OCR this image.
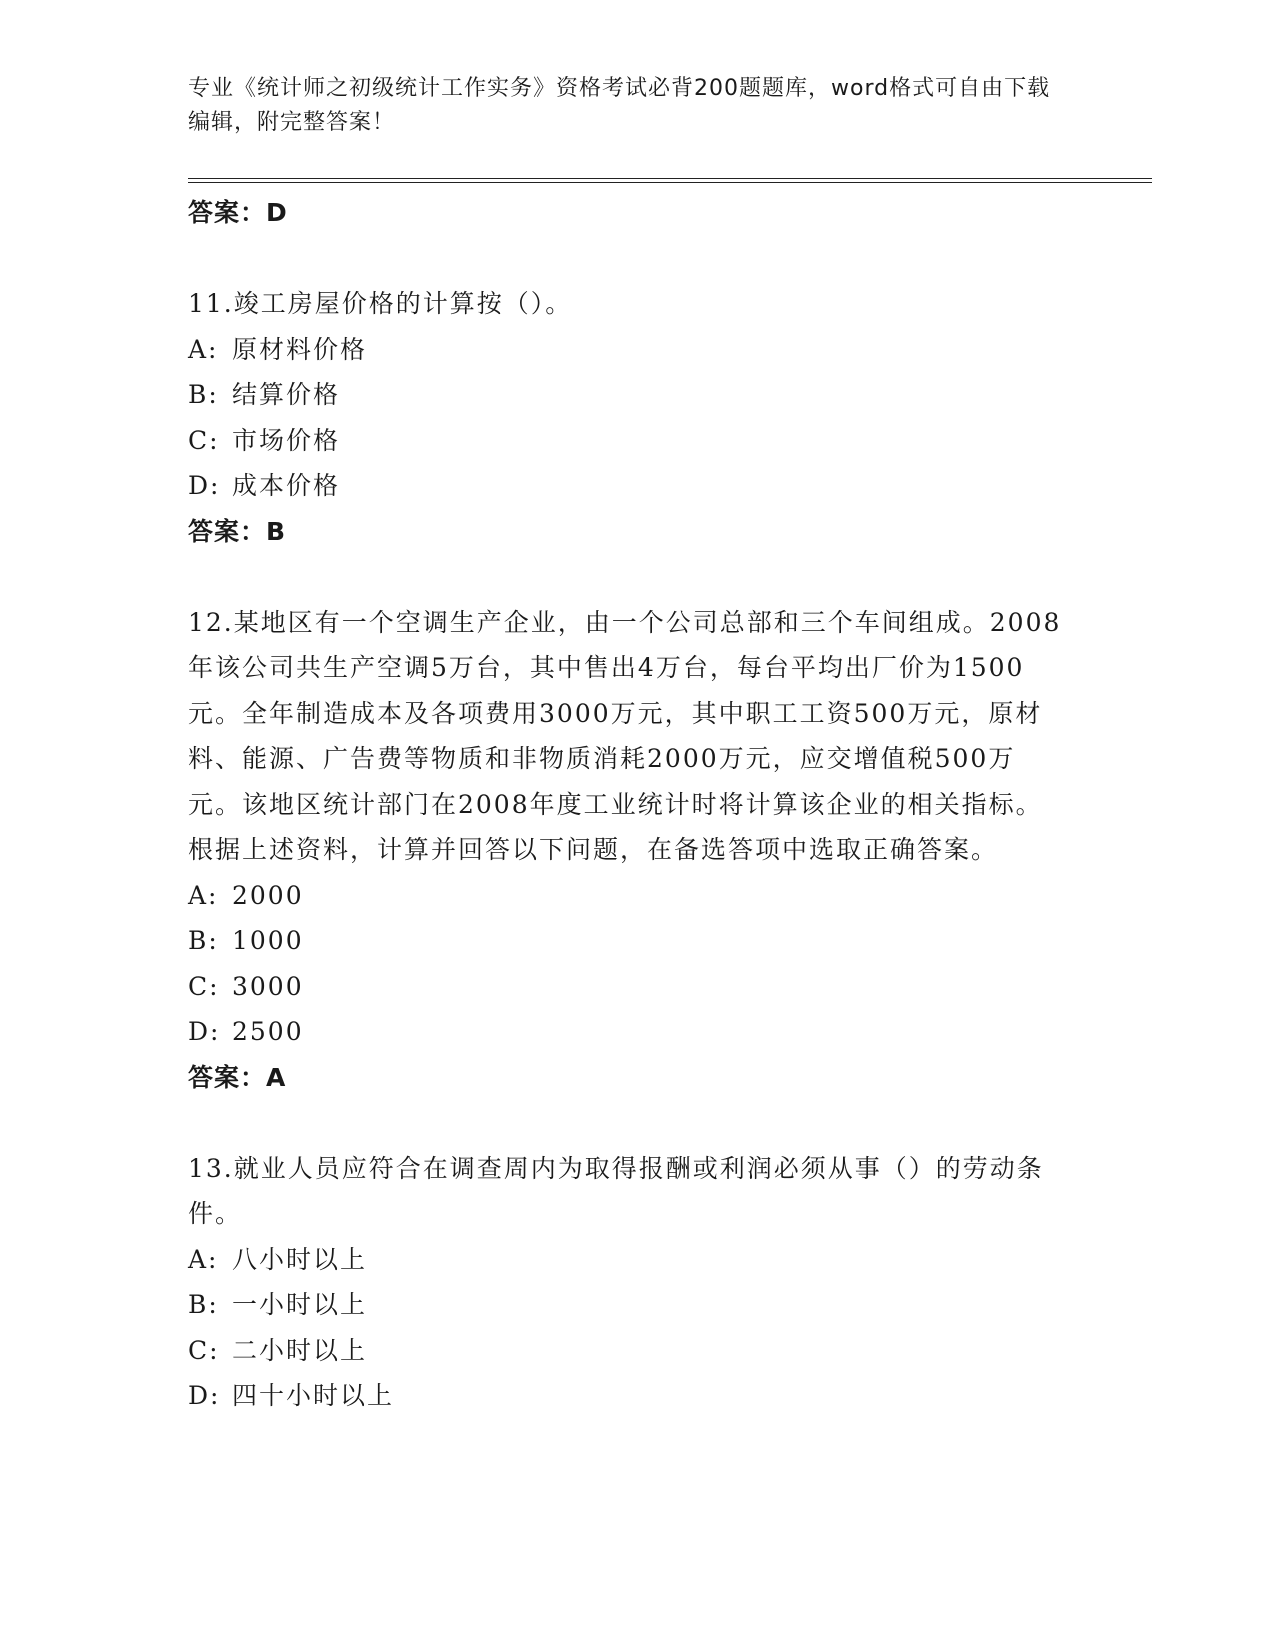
专业《统计师之初级统计工作实务》资格考试必背200题题库，word格式可自由下载编辑，附完整答案！
答案：D
11.竣工房屋价格的计算按（）。
A: 原材料价格
B: 结算价格
C: 市场价格
D: 成本价格
答案：B
12.某地区有一个空调生产企业，由一个公司总部和三个车间组成。2008年该公司共生产空调5万台，其中售出4万台，每台平均出厂价为1500元。全年制造成本及各项费用3000万元，其中职工工资500万元，原材料、能源、广告费等物质和非物质消耗2000万元，应交增值税500万元。该地区统计部门在2008年度工业统计时将计算该企业的相关指标。根据上述资料，计算并回答以下问题，在备选答项中选取正确答案。
A: 2000
B: 1000
C: 3000
D: 2500
答案：A
13.就业人员应符合在调查周内为取得报酬或利润必须从事（）的劳动条件。
A: 八小时以上
B: 一小时以上
C: 二小时以上
D: 四十小时以上
